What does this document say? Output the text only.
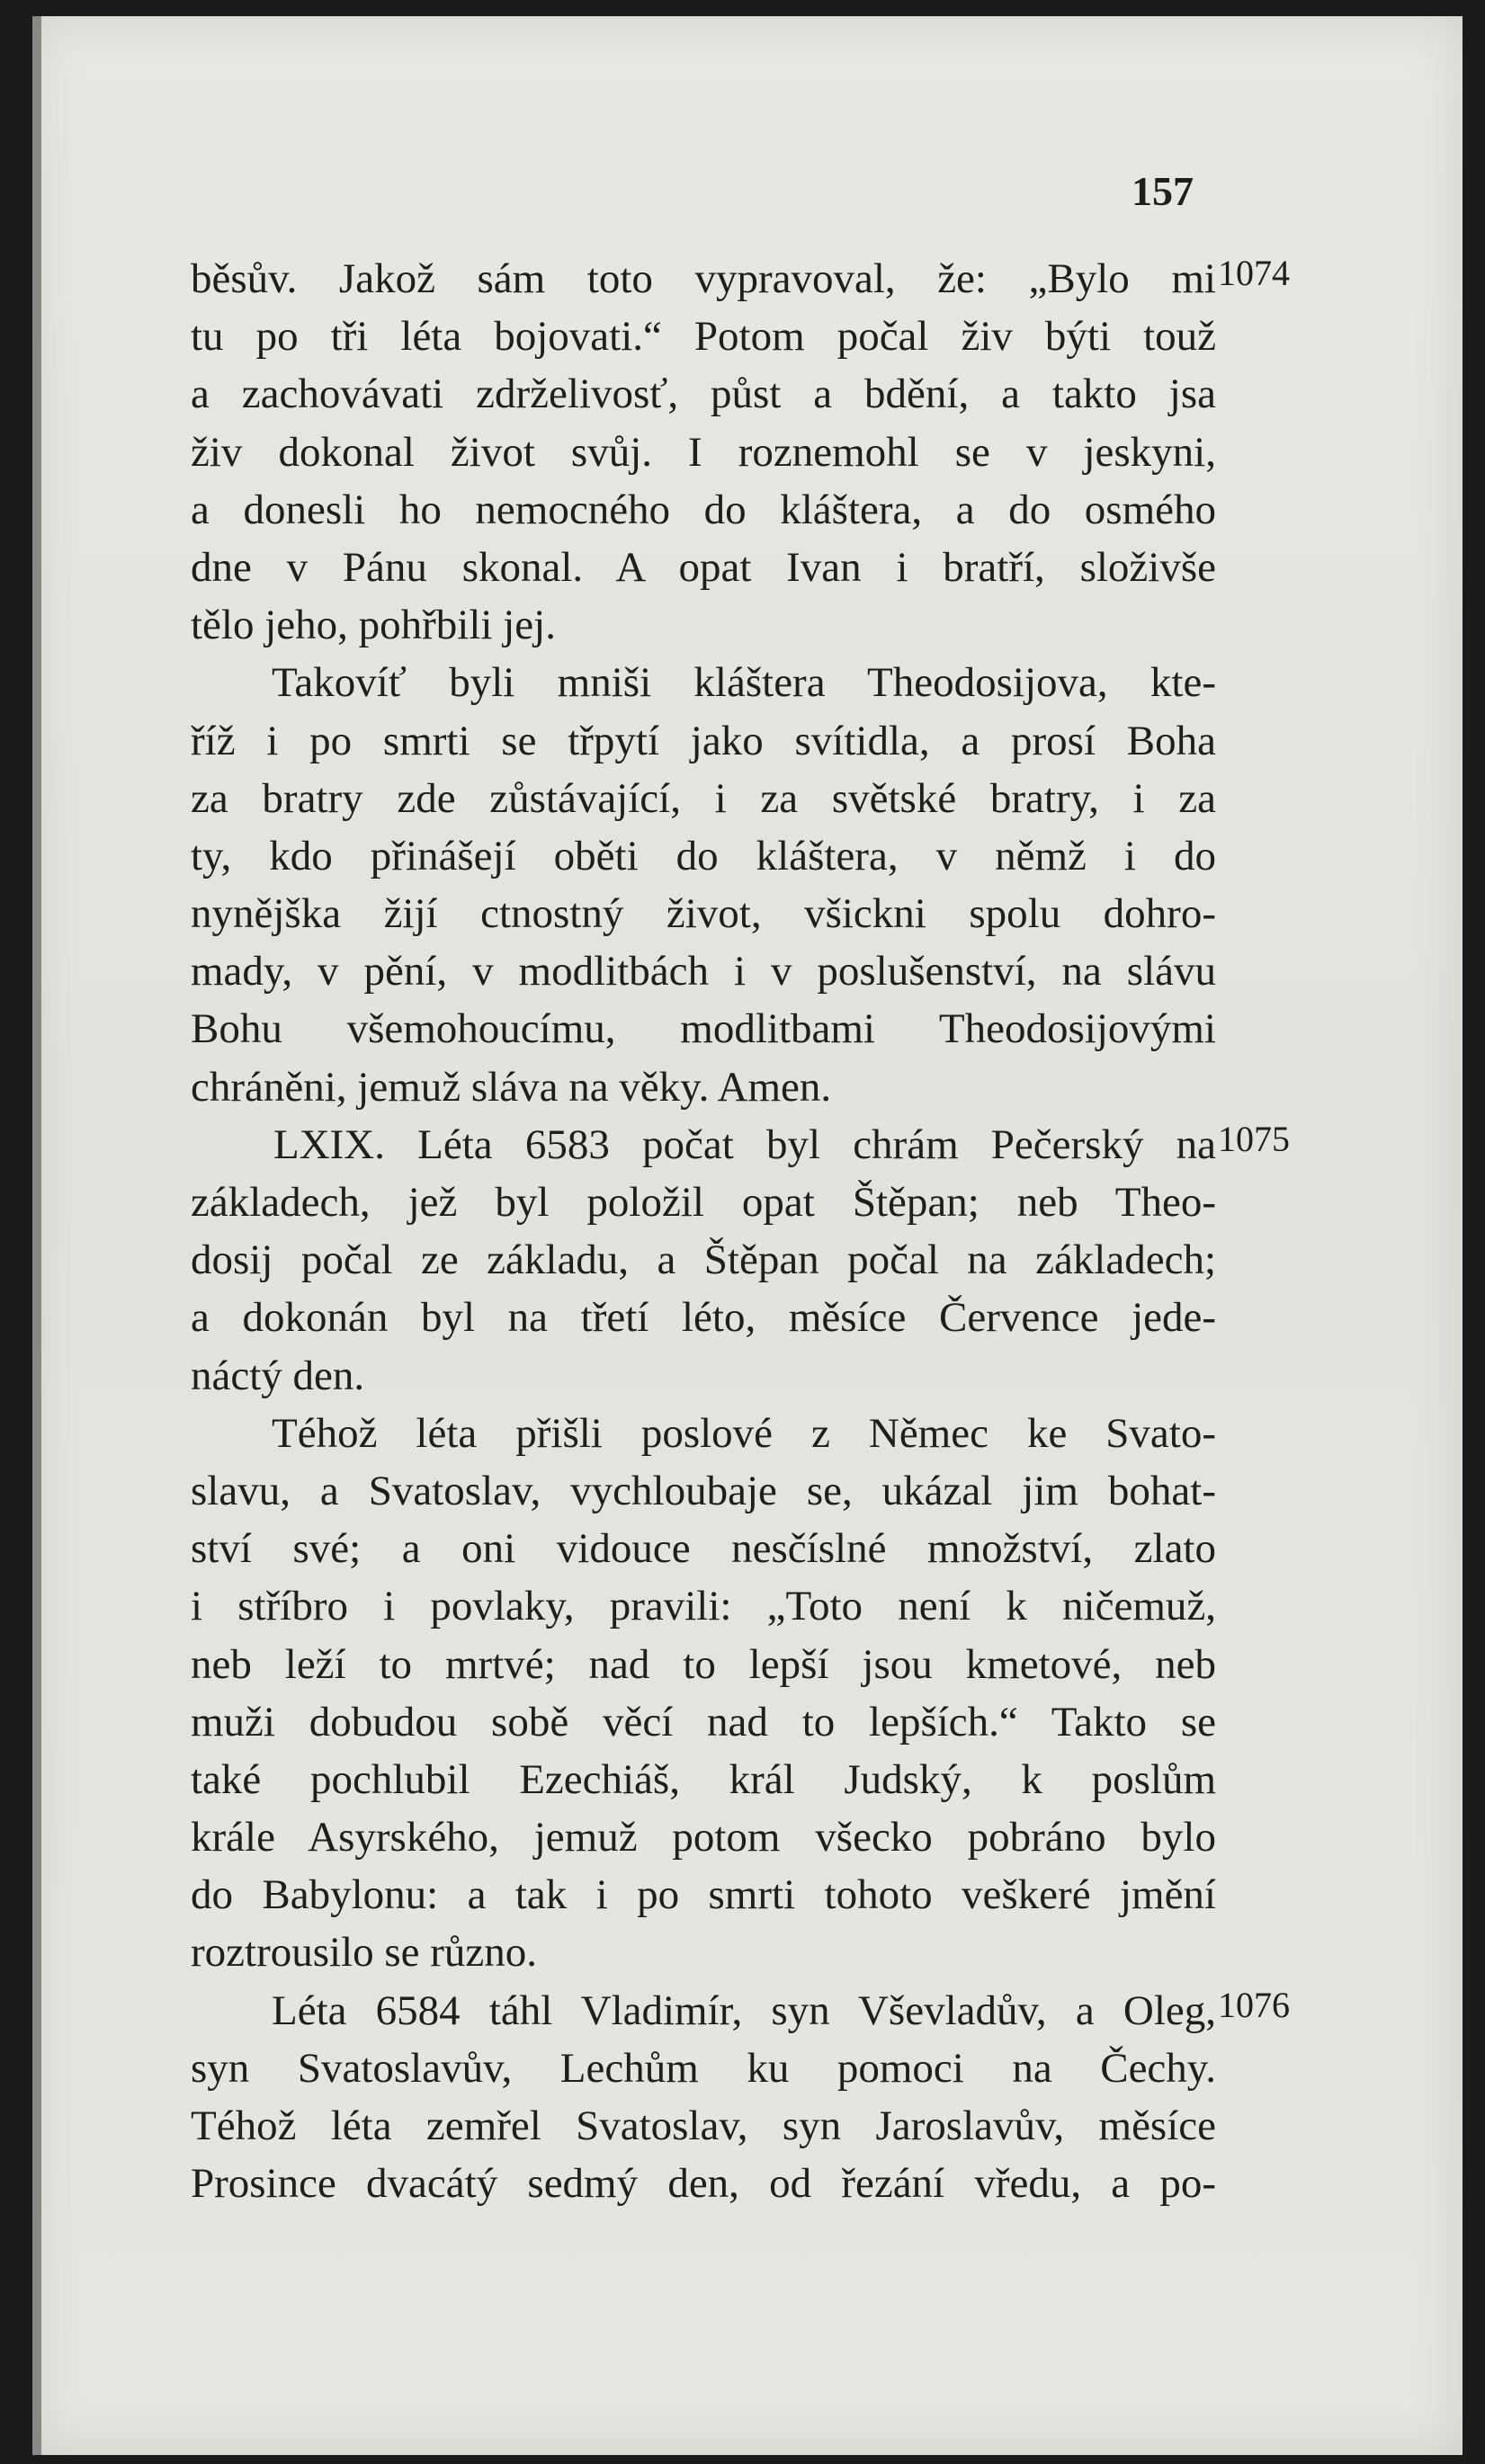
157
běsův. Jakož sám toto vypravoval, že: „Bylo mi
tu po tři léta bojovati.“ Potom počal živ býti touž
a zachovávati zdrželivosť, půst a bdění, a takto jsa
živ dokonal život svůj. I roznemohl se v jeskyni,
a donesli ho nemocného do kláštera, a do osmého
dne v Pánu skonal. A opat Ivan i bratří, složivše
tělo jeho, pohřbili jej.
Takovíť byli mniši kláštera Theodosijova, kte-
říž i po smrti se třpytí jako svítidla, a prosí Boha
za bratry zde zůstávající, i za světské bratry, i za
ty, kdo přinášejí oběti do kláštera, v němž i do
nynějška žijí ctnostný život, všickni spolu dohro-
mady, v pění, v modlitbách i v poslušenství, na slávu
Bohu všemohoucímu, modlitbami Theodosijovými
chráněni, jemuž sláva na věky. Amen.
LXIX. Léta 6583 počat byl chrám Pečerský na
základech, jež byl položil opat Štěpan; neb Theo-
dosij počal ze základu, a Štěpan počal na základech;
a dokonán byl na třetí léto, měsíce Července jede-
náctý den.
Téhož léta přišli poslové z Němec ke Svato-
slavu, a Svatoslav, vychloubaje se, ukázal jim bohat-
ství své; a oni vidouce nesčíslné množství, zlato
i stříbro i povlaky, pravili: „Toto není k ničemuž,
neb leží to mrtvé; nad to lepší jsou kmetové, neb
muži dobudou sobě věcí nad to lepších.“ Takto se
také pochlubil Ezechiáš, král Judský, k poslům
krále Asyrského, jemuž potom všecko pobráno bylo
do Babylonu: a tak i po smrti tohoto veškeré jmění
roztrousilo se různo.
Léta 6584 táhl Vladimír, syn Vševladův, a Oleg,
syn Svatoslavův, Lechům ku pomoci na Čechy.
Téhož léta zemřel Svatoslav, syn Jaroslavův, měsíce
Prosince dvacátý sedmý den, od řezání vředu, a po-
1074
1075
1076
